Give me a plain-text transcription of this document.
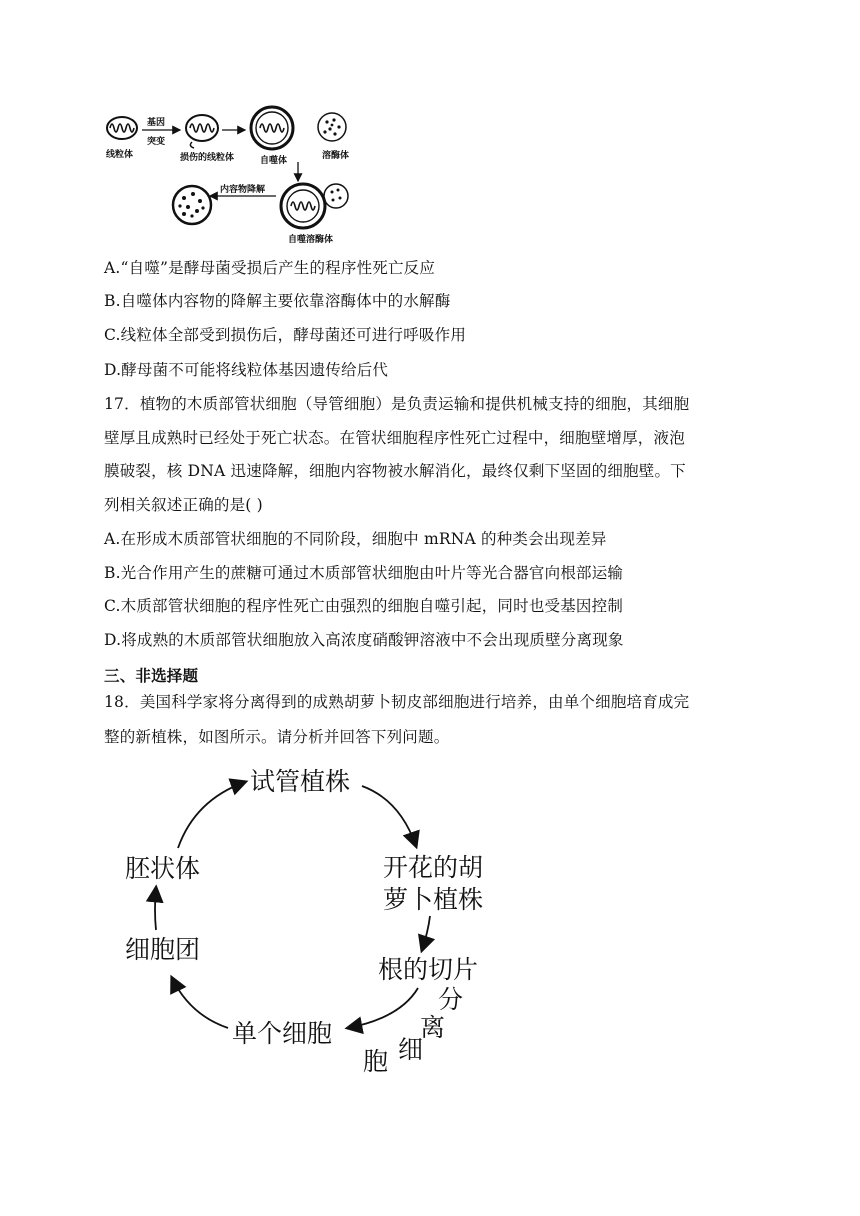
线粒体
基因
突变
损伤的线粒体	自噬体	溶酶体
自噬溶酶体
内容物降解
A.“自噬”是酵母菌受损后产生的程序性死亡反应
B.自噬体内容物的降解主要依靠溶酶体中的水解酶
C.线粒体全部受到损伤后，酵母菌还可进行呼吸作用
D.酵母菌不可能将线粒体基因遗传给后代
17．植物的木质部管状细胞（导管细胞）是负责运输和提供机械支持的细胞，其细胞
壁厚且成熟时已经处于死亡状态。在管状细胞程序性死亡过程中，细胞壁增厚，液泡
膜破裂，核 DNA 迅速降解，细胞内容物被水解消化，最终仅剩下坚固的细胞壁。下
列相关叙述正确的是( )
A.在形成木质部管状细胞的不同阶段，细胞中 mRNA 的种类会出现差异
B.光合作用产生的蔗糖可通过木质部管状细胞由叶片等光合器官向根部运输
C.木质部管状细胞的程序性死亡由强烈的细胞自噬引起，同时也受基因控制
D.将成熟的木质部管状细胞放入高浓度硝酸钾溶液中不会出现质壁分离现象
三、非选择题
18．美国科学家将分离得到的成熟胡萝卜韧皮部细胞进行培养，由单个细胞培育成完
整的新植株，如图所示。请分析并回答下列问题。
试管植株
开花的胡
萝卜植株
根的切片
分
离
细
胞
单个细胞
细胞团
胚状体
